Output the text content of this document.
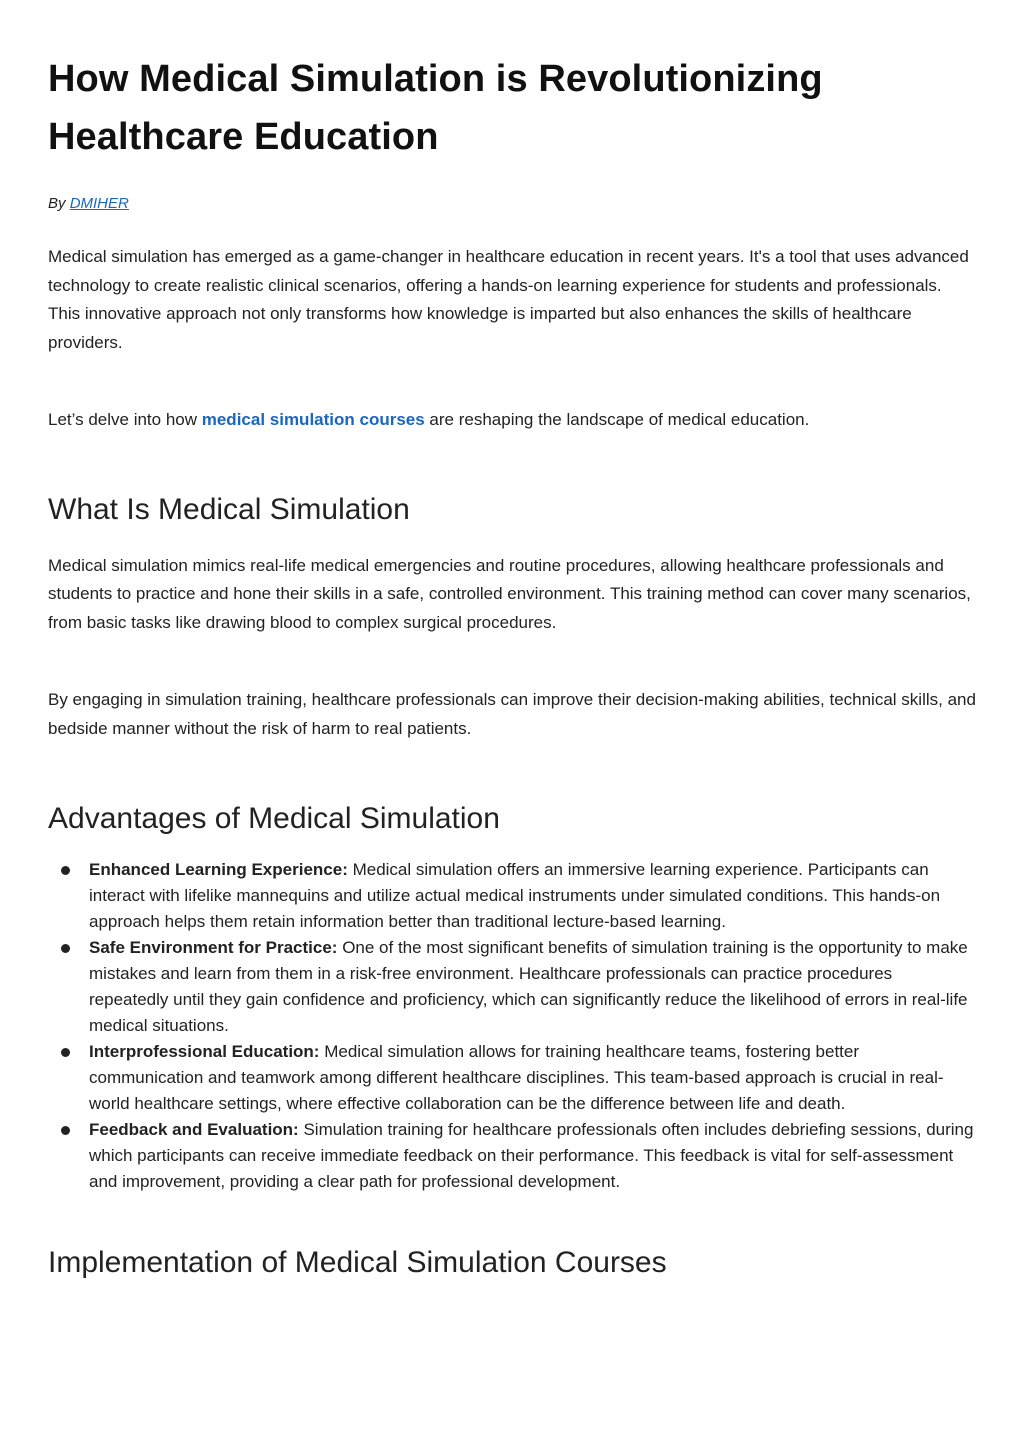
How Medical Simulation is Revolutionizing Healthcare Education

By DMIHER

Medical simulation has emerged as a game-changer in healthcare education in recent years. It's a tool that uses advanced technology to create realistic clinical scenarios, offering a hands-on learning experience for students and professionals. This innovative approach not only transforms how knowledge is imparted but also enhances the skills of healthcare providers.

Let’s delve into how medical simulation courses are reshaping the landscape of medical education.

What Is Medical Simulation

Medical simulation mimics real-life medical emergencies and routine procedures, allowing healthcare professionals and students to practice and hone their skills in a safe, controlled environment. This training method can cover many scenarios, from basic tasks like drawing blood to complex surgical procedures.

By engaging in simulation training, healthcare professionals can improve their decision-making abilities, technical skills, and bedside manner without the risk of harm to real patients.

Advantages of Medical Simulation
Enhanced Learning Experience: Medical simulation offers an immersive learning experience. Participants can interact with lifelike mannequins and utilize actual medical instruments under simulated conditions. This hands-on approach helps them retain information better than traditional lecture-based learning.
Safe Environment for Practice: One of the most significant benefits of simulation training is the opportunity to make mistakes and learn from them in a risk-free environment. Healthcare professionals can practice procedures repeatedly until they gain confidence and proficiency, which can significantly reduce the likelihood of errors in real-life medical situations.
Interprofessional Education: Medical simulation allows for training healthcare teams, fostering better communication and teamwork among different healthcare disciplines. This team-based approach is crucial in real-world healthcare settings, where effective collaboration can be the difference between life and death.
Feedback and Evaluation: Simulation training for healthcare professionals often includes debriefing sessions, during which participants can receive immediate feedback on their performance. This feedback is vital for self-assessment and improvement, providing a clear path for professional development.
Implementation of Medical Simulation Courses
